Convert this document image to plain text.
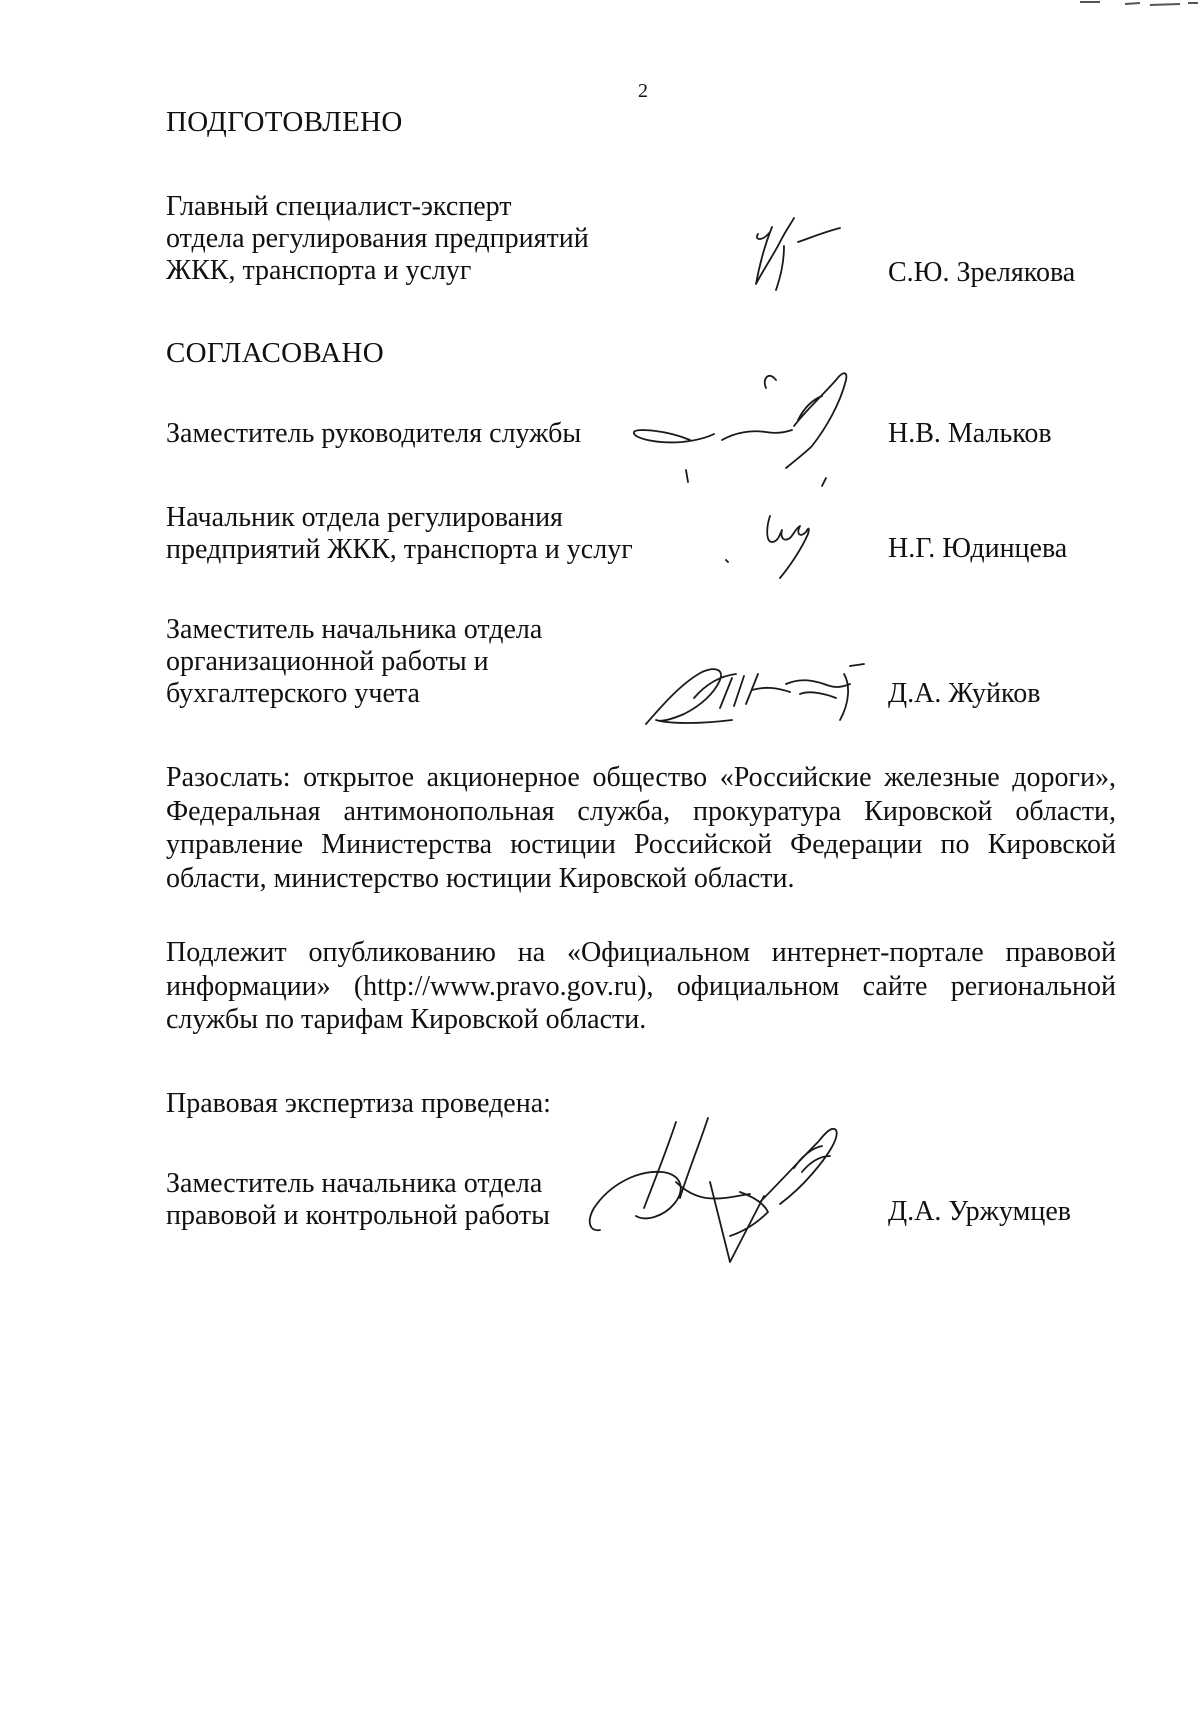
2
ПОДГОТОВЛЕНО
Главный специалист-эксперт
отдела регулирования предприятий
ЖКК, транспорта и услуг	С.Ю. Зрелякова
СОГЛАСОВАНО
Заместитель руководителя службы	Н.В. Мальков
Начальник отдела регулирования
предприятий ЖКК, транспорта и услуг	Н.Г. Юдинцева
Заместитель начальника отдела
организационной работы и
бухгалтерского учета	Д.А. Жуйков
Разослать: открытое акционерное общество «Российские железные дороги»,
Федеральная антимонопольная служба, прокуратура Кировской области,
управление Министерства юстиции Российской Федерации по Кировской
области, министерство юстиции Кировской области.
Подлежит опубликованию на «Официальном интернет-портале правовой
информации» (http://www.pravo.gov.ru), официальном сайте региональной
службы по тарифам Кировской области.
Правовая экспертиза проведена:
Заместитель начальника отдела
правовой и контрольной работы	Д.А. Уржумцев
